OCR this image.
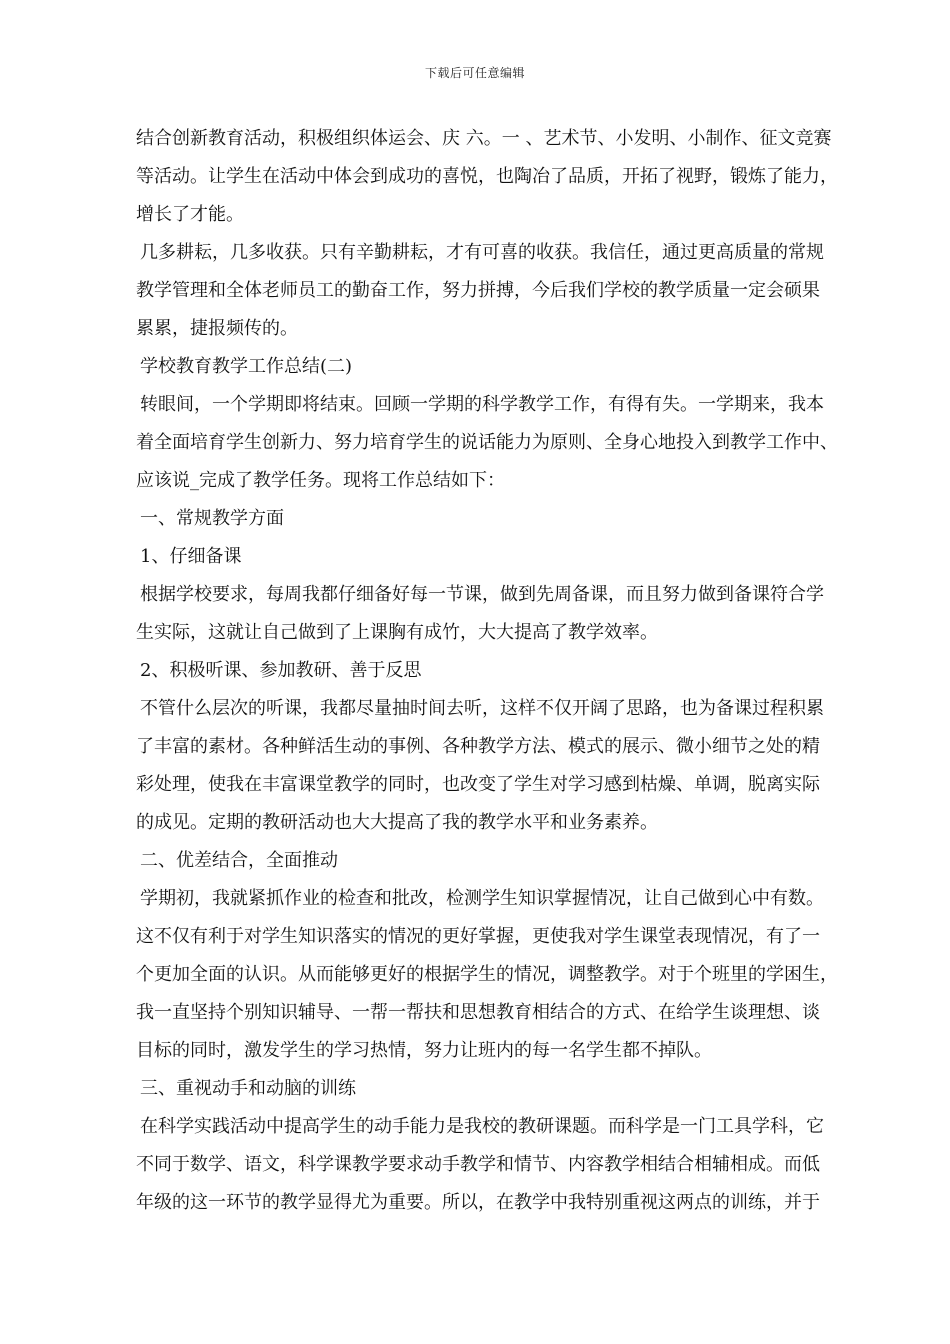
下载后可任意编辑
结合创新教育活动，积极组织体运会、庆 六。一 、艺术节、小发明、小制作、征文竞赛
等活动。让学生在活动中体会到成功的喜悦，也陶冶了品质，开拓了视野，锻炼了能力，
增长了才能。
几多耕耘，几多收获。只有辛勤耕耘，才有可喜的收获。我信任，通过更高质量的常规
教学管理和全体老师员工的勤奋工作，努力拼搏，今后我们学校的教学质量一定会硕果
累累，捷报频传的。
学校教育教学工作总结(二)
转眼间，一个学期即将结束。回顾一学期的科学教学工作，有得有失。一学期来，我本
着全面培育学生创新力、努力培育学生的说话能力为原则、全身心地投入到教学工作中、
应该说_完成了教学任务。现将工作总结如下：
一、常规教学方面
1、仔细备课
根据学校要求，每周我都仔细备好每一节课，做到先周备课，而且努力做到备课符合学
生实际，这就让自己做到了上课胸有成竹，大大提高了教学效率。
2、积极听课、参加教研、善于反思
不管什么层次的听课，我都尽量抽时间去听，这样不仅开阔了思路，也为备课过程积累
了丰富的素材。各种鲜活生动的事例、各种教学方法、模式的展示、微小细节之处的精
彩处理，使我在丰富课堂教学的同时，也改变了学生对学习感到枯燥、单调，脱离实际
的成见。定期的教研活动也大大提高了我的教学水平和业务素养。
二、优差结合，全面推动
学期初，我就紧抓作业的检查和批改，检测学生知识掌握情况，让自己做到心中有数。
这不仅有利于对学生知识落实的情况的更好掌握，更使我对学生课堂表现情况，有了一
个更加全面的认识。从而能够更好的根据学生的情况，调整教学。对于个班里的学困生，
我一直坚持个别知识辅导、一帮一帮扶和思想教育相结合的方式、在给学生谈理想、谈
目标的同时，激发学生的学习热情，努力让班内的每一名学生都不掉队。
三、重视动手和动脑的训练
在科学实践活动中提高学生的动手能力是我校的教研课题。而科学是一门工具学科，它
不同于数学、语文，科学课教学要求动手教学和情节、内容教学相结合相辅相成。而低
年级的这一环节的教学显得尤为重要。所以，在教学中我特别重视这两点的训练，并于
